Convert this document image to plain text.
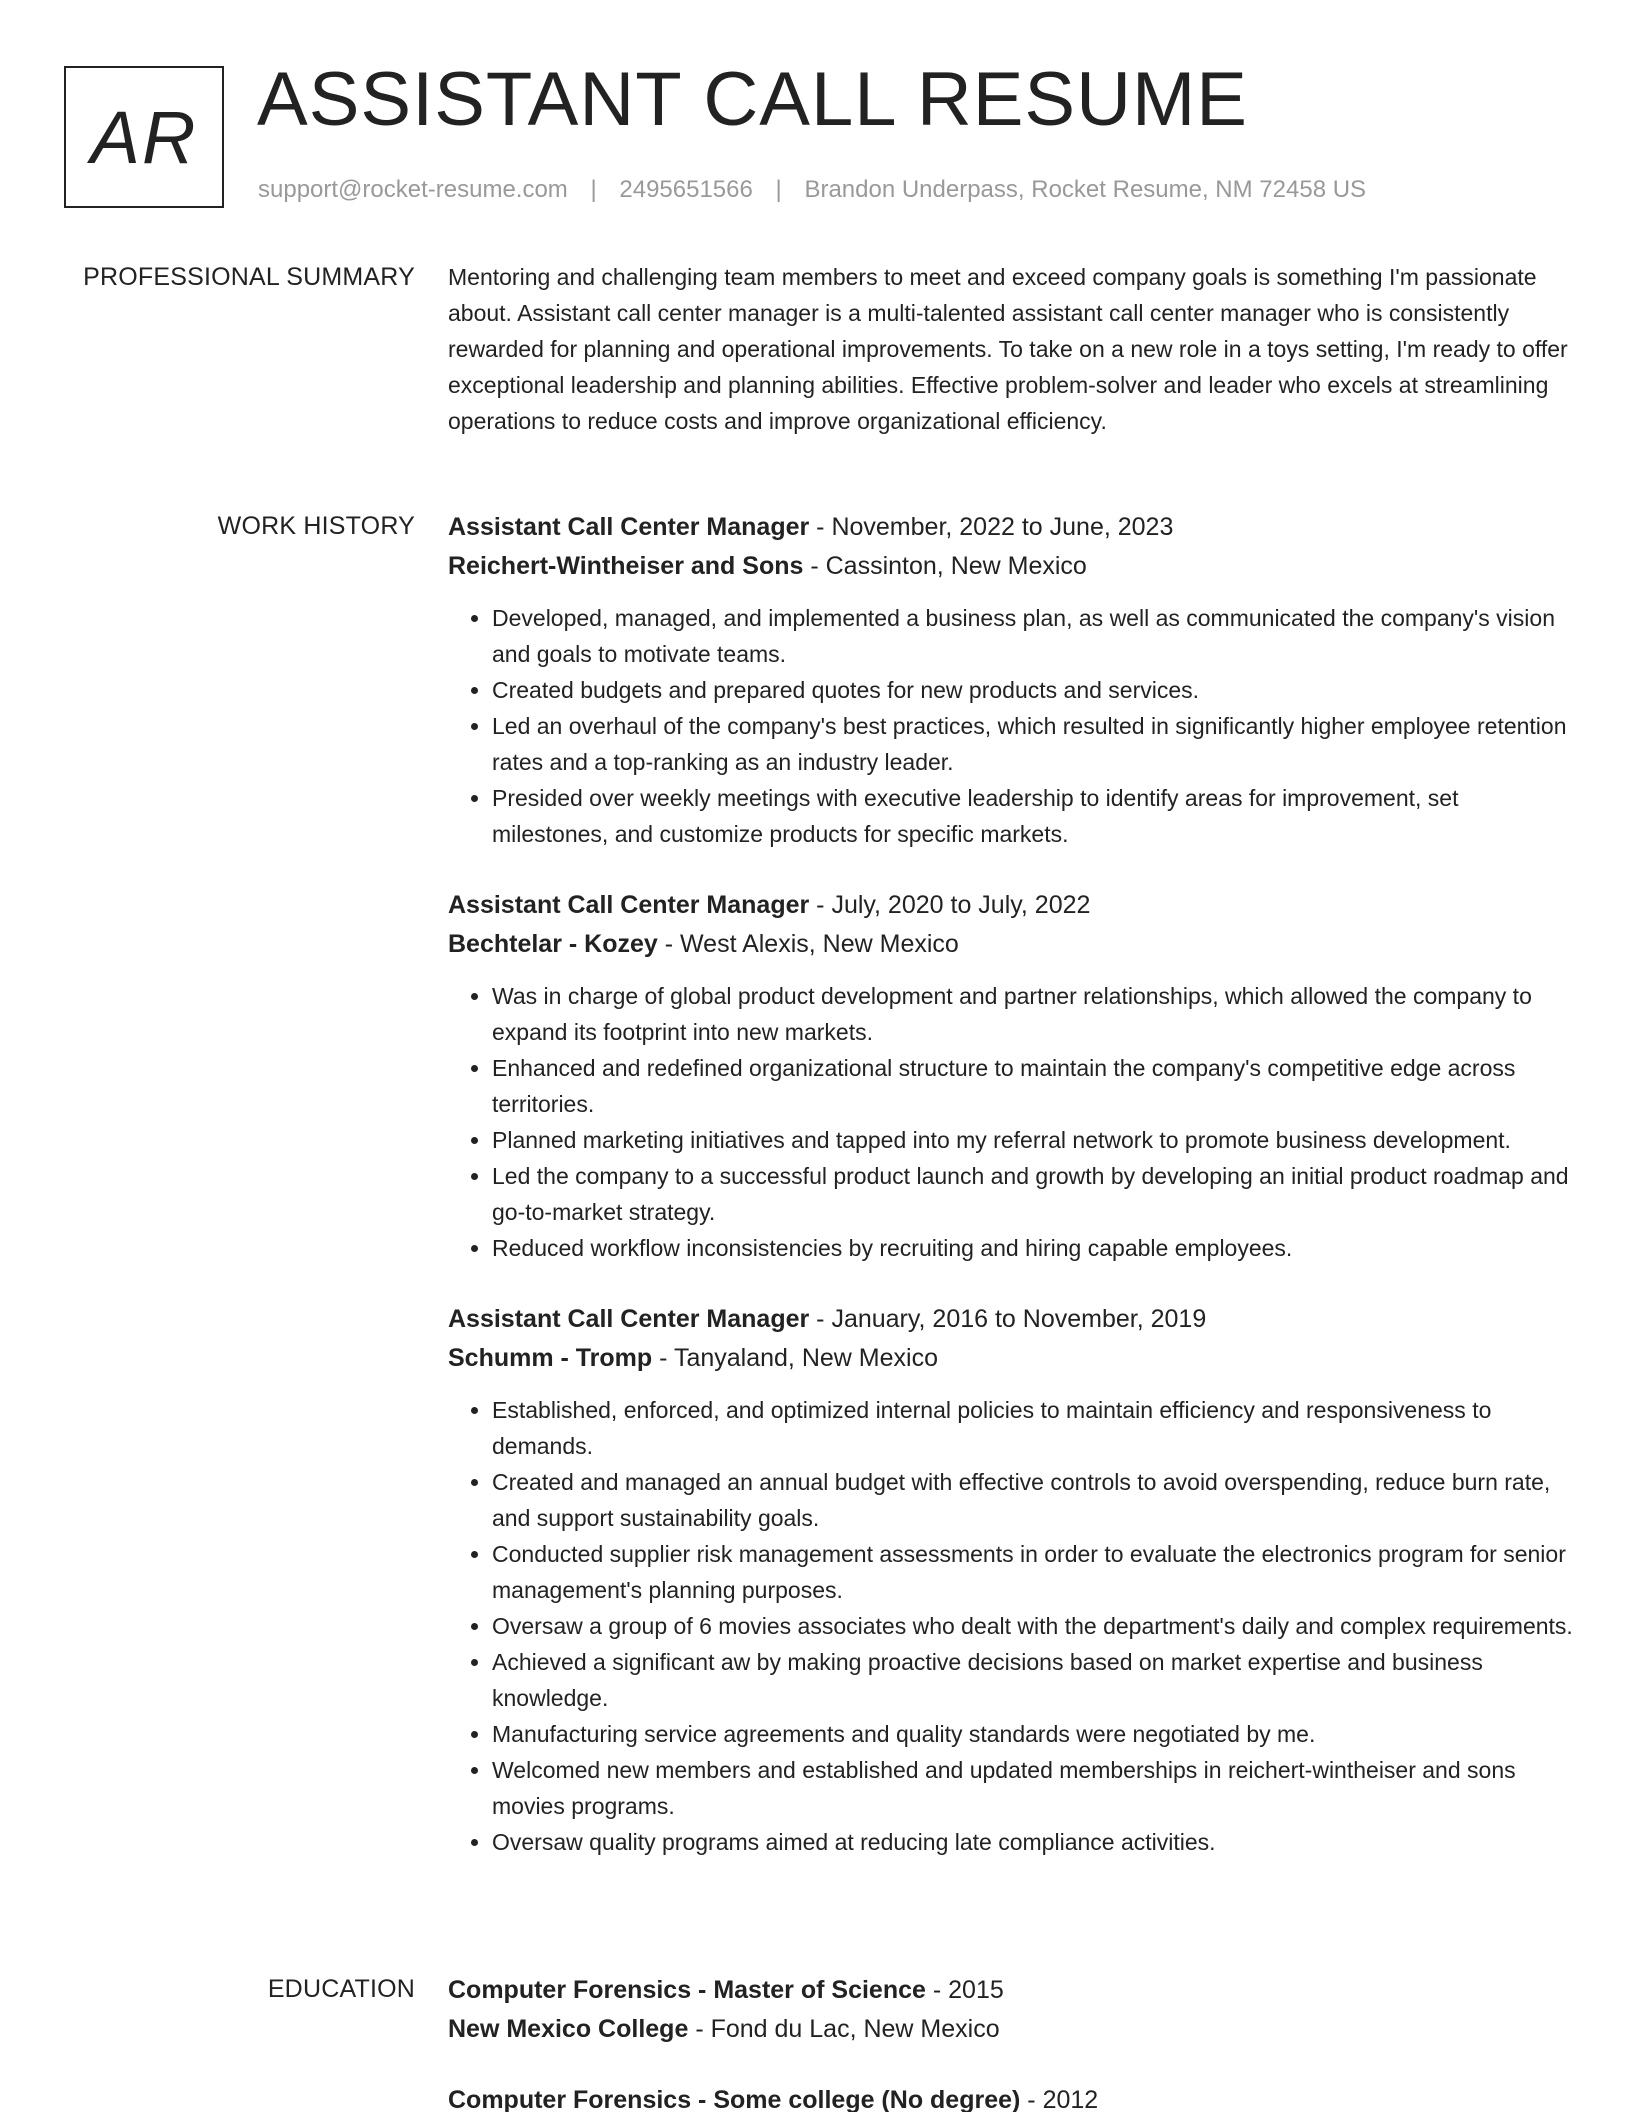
AR ASSISTANT CALL RESUME
support@rocket-resume.com | 2495651566 | Brandon Underpass, Rocket Resume, NM 72458 US
PROFESSIONAL SUMMARY Mentoring and challenging team members to meet and exceed company goals is something I'm passionate about. Assistant call center manager is a multi-talented assistant call center manager who is consistently rewarded for planning and operational improvements. To take on a new role in a toys setting, I'm ready to offer exceptional leadership and planning abilities. Effective problem-solver and leader who excels at streamlining operations to reduce costs and improve organizational efficiency.

WORK HISTORY Assistant Call Center Manager - November, 2022 to June, 2023
Reichert-Wintheiser and Sons - Cassinton, New Mexico
• Developed, managed, and implemented a business plan, as well as communicated the company's vision and goals to motivate teams.
• Created budgets and prepared quotes for new products and services.
• Led an overhaul of the company's best practices, which resulted in significantly higher employee retention rates and a top-ranking as an industry leader.
• Presided over weekly meetings with executive leadership to identify areas for improvement, set milestones, and customize products for specific markets.
Assistant Call Center Manager - July, 2020 to July, 2022
Bechtelar - Kozey - West Alexis, New Mexico
• Was in charge of global product development and partner relationships, which allowed the company to expand its footprint into new markets.
• Enhanced and redefined organizational structure to maintain the company's competitive edge across territories.
• Planned marketing initiatives and tapped into my referral network to promote business development.
• Led the company to a successful product launch and growth by developing an initial product roadmap and go-to-market strategy.
• Reduced workflow inconsistencies by recruiting and hiring capable employees.
Assistant Call Center Manager - January, 2016 to November, 2019
Schumm - Tromp - Tanyaland, New Mexico
• Established, enforced, and optimized internal policies to maintain efficiency and responsiveness to demands.
• Created and managed an annual budget with effective controls to avoid overspending, reduce burn rate, and support sustainability goals.
• Conducted supplier risk management assessments in order to evaluate the electronics program for senior management's planning purposes.
• Oversaw a group of 6 movies associates who dealt with the department's daily and complex requirements.
• Achieved a significant aw by making proactive decisions based on market expertise and business knowledge.
• Manufacturing service agreements and quality standards were negotiated by me.
• Welcomed new members and established and updated memberships in reichert-wintheiser and sons movies programs.
• Oversaw quality programs aimed at reducing late compliance activities.
EDUCATION Computer Forensics - Master of Science - 2015
New Mexico College - Fond du Lac, New Mexico
Computer Forensics - Some college (No degree) - 2012
